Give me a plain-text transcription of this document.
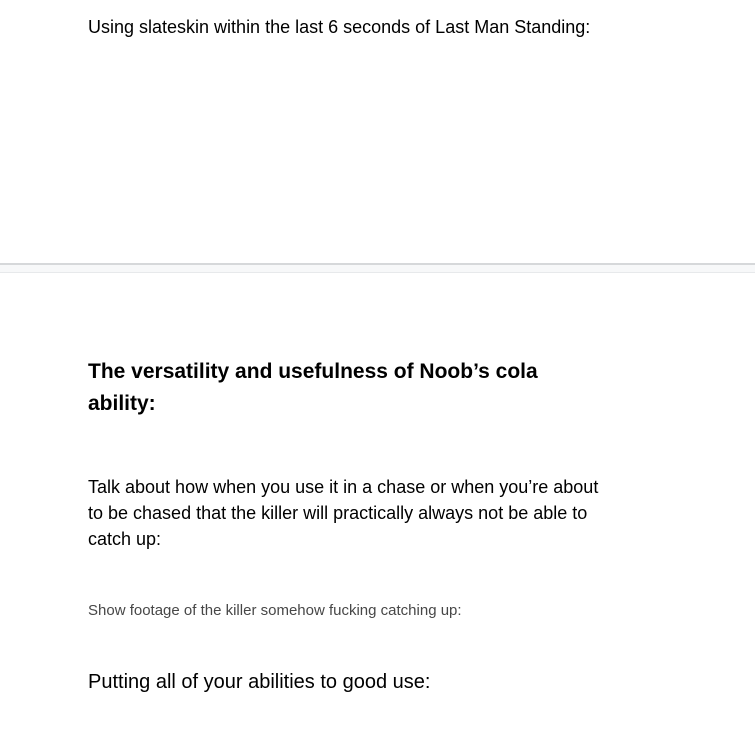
Using slateskin within the last 6 seconds of Last Man Standing:
The versatility and usefulness of Noob’s cola
ability:
Talk about how when you use it in a chase or when you’re about
to be chased that the killer will practically always not be able to
catch up:
Show footage of the killer somehow fucking catching up:
Putting all of your abilities to good use:
